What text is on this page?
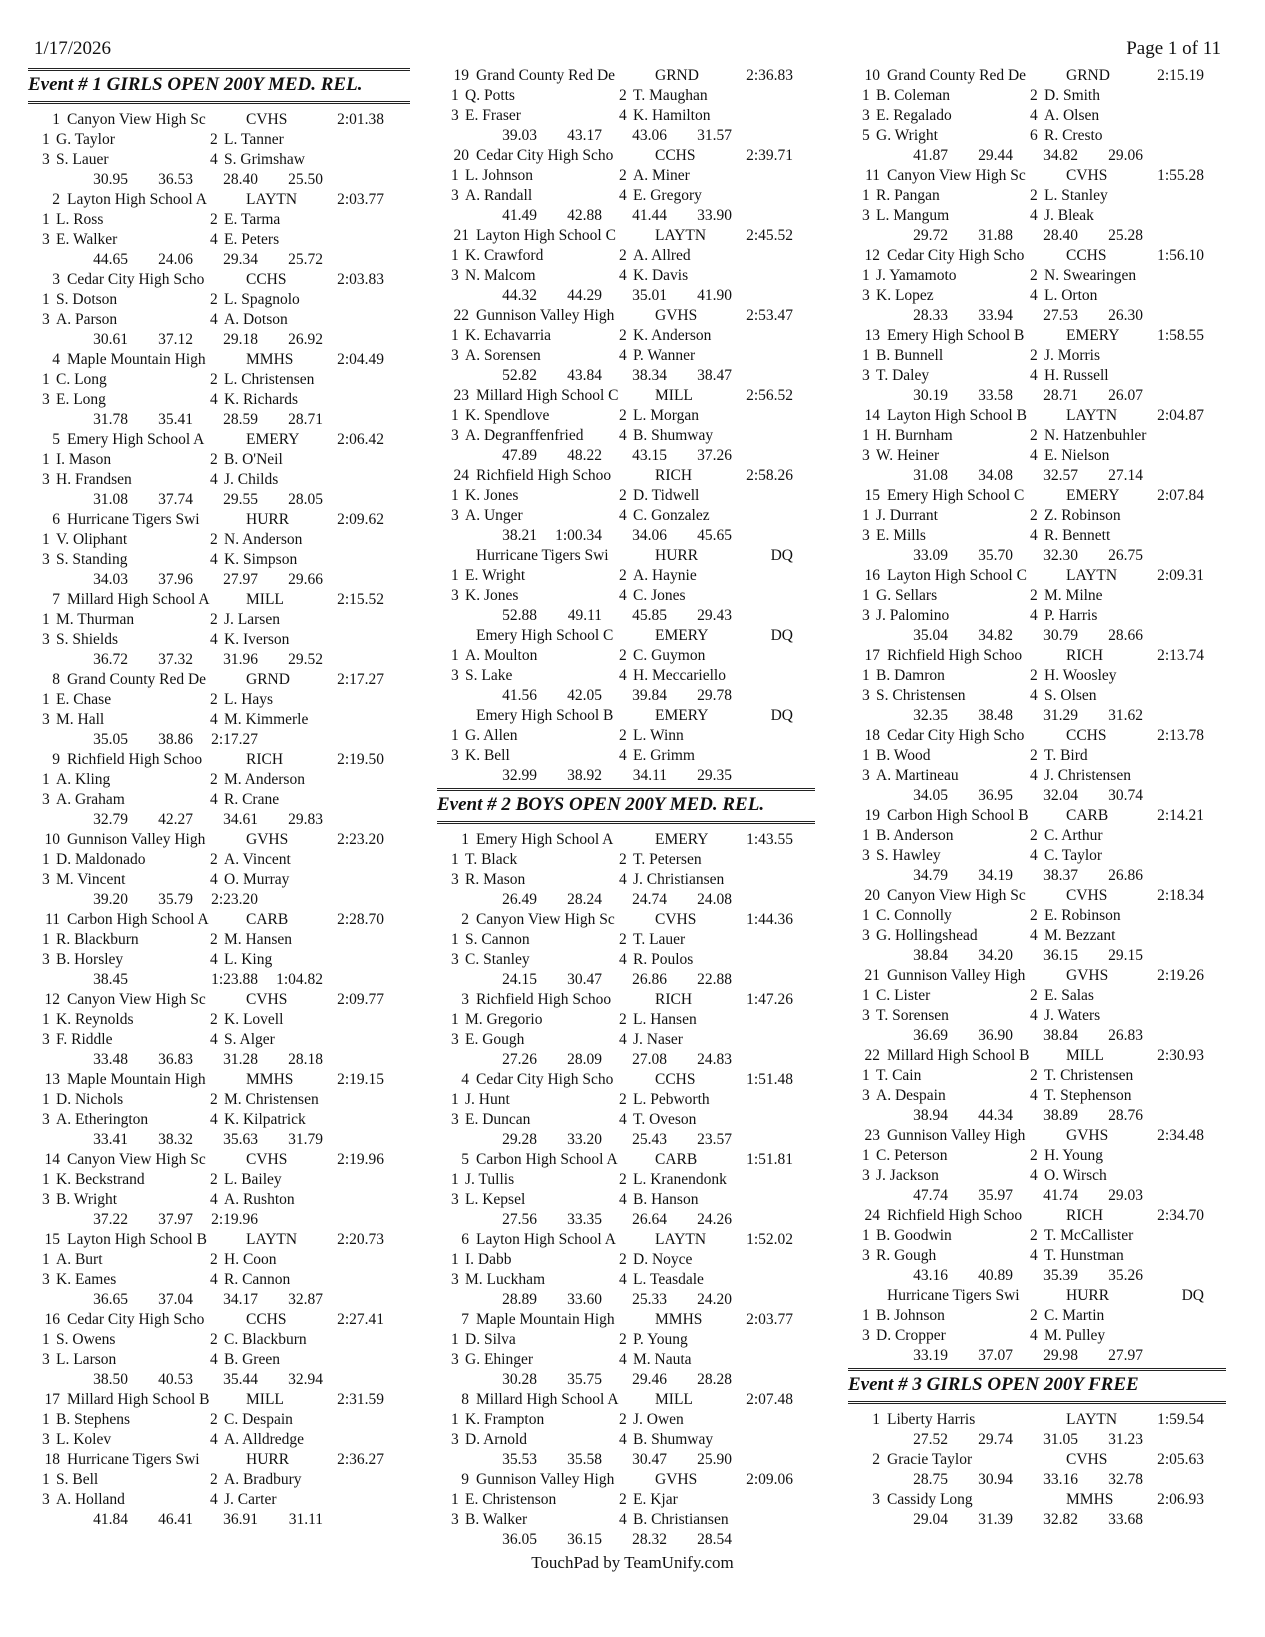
1/17/2026	Page 1 of 11
Event # 1 GIRLS OPEN 200Y MED. REL.
1 Canyon View High Sc	CVHS	2:01.38
1 G. Taylor	2 L. Tanner
3 S. Lauer	4 S. Grimshaw
30.95	36.53	28.40	25.50
2 Layton High School A	LAYTN	2:03.77
1 L. Ross	2 E. Tarma
3 E. Walker	4 E. Peters
44.65	24.06	29.34	25.72
3 Cedar City High Scho	CCHS	2:03.83
1 S. Dotson	2 L. Spagnolo
3 A. Parson	4 A. Dotson
30.61	37.12	29.18	26.92
4 Maple Mountain High	MMHS	2:04.49
1 C. Long	2 L. Christensen
3 E. Long	4 K. Richards
31.78	35.41	28.59	28.71
5 Emery High School A	EMERY	2:06.42
1 I. Mason	2 B. O'Neil
3 H. Frandsen	4 J. Childs
31.08	37.74	29.55	28.05
6 Hurricane Tigers Swi	HURR	2:09.62
1 V. Oliphant	2 N. Anderson
3 S. Standing	4 K. Simpson
34.03	37.96	27.97	29.66
7 Millard High School A	MILL	2:15.52
1 M. Thurman	2 J. Larsen
3 S. Shields	4 K. Iverson
36.72	37.32	31.96	29.52
8 Grand County Red De	GRND	2:17.27
1 E. Chase	2 L. Hays
3 M. Hall	4 M. Kimmerle
35.05	38.86	2:17.27
9 Richfield High Schoo	RICH	2:19.50
1 A. Kling	2 M. Anderson
3 A. Graham	4 R. Crane
32.79	42.27	34.61	29.83
10 Gunnison Valley High	GVHS	2:23.20
1 D. Maldonado	2 A. Vincent
3 M. Vincent	4 O. Murray
39.20	35.79	2:23.20
11 Carbon High School A	CARB	2:28.70
1 R. Blackburn	2 M. Hansen
3 B. Horsley	4 L. King
38.45	1:23.88	1:04.82
12 Canyon View High Sc	CVHS	2:09.77
1 K. Reynolds	2 K. Lovell
3 F. Riddle	4 S. Alger
33.48	36.83	31.28	28.18
13 Maple Mountain High	MMHS	2:19.15
1 D. Nichols	2 M. Christensen
3 A. Etherington	4 K. Kilpatrick
33.41	38.32	35.63	31.79
14 Canyon View High Sc	CVHS	2:19.96
1 K. Beckstrand	2 L. Bailey
3 B. Wright	4 A. Rushton
37.22	37.97	2:19.96
15 Layton High School B	LAYTN	2:20.73
1 A. Burt	2 H. Coon
3 K. Eames	4 R. Cannon
36.65	37.04	34.17	32.87
16 Cedar City High Scho	CCHS	2:27.41
1 S. Owens	2 C. Blackburn
3 L. Larson	4 B. Green
38.50	40.53	35.44	32.94
17 Millard High School B	MILL	2:31.59
1 B. Stephens	2 C. Despain
3 L. Kolev	4 A. Alldredge
18 Hurricane Tigers Swi	HURR	2:36.27
1 S. Bell	2 A. Bradbury
3 A. Holland	4 J. Carter
41.84	46.41	36.91	31.11
19 Grand County Red De	GRND	2:36.83
1 Q. Potts	2 T. Maughan
3 E. Fraser	4 K. Hamilton
39.03	43.17	43.06	31.57
20 Cedar City High Scho	CCHS	2:39.71
1 L. Johnson	2 A. Miner
3 A. Randall	4 E. Gregory
41.49	42.88	41.44	33.90
21 Layton High School C	LAYTN	2:45.52
1 K. Crawford	2 A. Allred
3 N. Malcom	4 K. Davis
44.32	44.29	35.01	41.90
22 Gunnison Valley High	GVHS	2:53.47
1 K. Echavarria	2 K. Anderson
3 A. Sorensen	4 P. Wanner
52.82	43.84	38.34	38.47
23 Millard High School C	MILL	2:56.52
1 K. Spendlove	2 L. Morgan
3 A. Degranffenfried 4 B. Shumway
47.89	48.22	43.15	37.26
24 Richfield High Schoo	RICH	2:58.26
1 K. Jones	2 D. Tidwell
3 A. Unger	4 C. Gonzalez
38.21	1:00.34	34.06	45.65
Hurricane Tigers Swi	HURR	DQ
1 E. Wright	2 A. Haynie
3 K. Jones	4 C. Jones
52.88	49.11	45.85	29.43
Emery High School C	EMERY	DQ
1 A. Moulton	2 C. Guymon
3 S. Lake	4 H. Meccariello
41.56	42.05	39.84	29.78
Emery High School B	EMERY	DQ
1 G. Allen	2 L. Winn
3 K. Bell	4 E. Grimm
32.99	38.92	34.11	29.35
Event # 2 BOYS OPEN 200Y MED. REL.
1 Emery High School A	EMERY	1:43.55
1 T. Black	2 T. Petersen
3 R. Mason	4 J. Christiansen
26.49	28.24	24.74	24.08
2 Canyon View High Sc	CVHS	1:44.36
1 S. Cannon	2 T. Lauer
3 C. Stanley	4 R. Poulos
24.15	30.47	26.86	22.88
3 Richfield High Schoo	RICH	1:47.26
1 M. Gregorio	2 L. Hansen
3 E. Gough	4 J. Naser
27.26	28.09	27.08	24.83
4 Cedar City High Scho	CCHS	1:51.48
1 J. Hunt	2 L. Pebworth
3 E. Duncan	4 T. Oveson
29.28	33.20	25.43	23.57
5 Carbon High School A	CARB	1:51.81
1 J. Tullis	2 L. Kranendonk
3 L. Kepsel	4 B. Hanson
27.56	33.35	26.64	24.26
6 Layton High School A	LAYTN	1:52.02
1 I. Dabb	2 D. Noyce
3 M. Luckham	4 L. Teasdale
28.89	33.60	25.33	24.20
7 Maple Mountain High	MMHS	2:03.77
1 D. Silva	2 P. Young
3 G. Ehinger	4 M. Nauta
30.28	35.75	29.46	28.28
8 Millard High School A	MILL	2:07.48
1 K. Frampton	2 J. Owen
3 D. Arnold	4 B. Shumway
35.53	35.58	30.47	25.90
9 Gunnison Valley High	GVHS	2:09.06
1 E. Christenson	2 E. Kjar
3 B. Walker	4 B. Christiansen
36.05	36.15	28.32	28.54
10 Grand County Red De	GRND	2:15.19
1 B. Coleman	2 D. Smith
3 E. Regalado	4 A. Olsen
5 G. Wright	6 R. Cresto
41.87	29.44	34.82	29.06
11 Canyon View High Sc	CVHS	1:55.28
1 R. Pangan	2 L. Stanley
3 L. Mangum	4 J. Bleak
29.72	31.88	28.40	25.28
12 Cedar City High Scho	CCHS	1:56.10
1 J. Yamamoto	2 N. Swearingen
3 K. Lopez	4 L. Orton
28.33	33.94	27.53	26.30
13 Emery High School B	EMERY	1:58.55
1 B. Bunnell	2 J. Morris
3 T. Daley	4 H. Russell
30.19	33.58	28.71	26.07
14 Layton High School B	LAYTN	2:04.87
1 H. Burnham	2 N. Hatzenbuhler
3 W. Heiner	4 E. Nielson
31.08	34.08	32.57	27.14
15 Emery High School C	EMERY	2:07.84
1 J. Durrant	2 Z. Robinson
3 E. Mills	4 R. Bennett
33.09	35.70	32.30	26.75
16 Layton High School C	LAYTN	2:09.31
1 G. Sellars	2 M. Milne
3 J. Palomino	4 P. Harris
35.04	34.82	30.79	28.66
17 Richfield High Schoo	RICH	2:13.74
1 B. Damron	2 H. Woosley
3 S. Christensen	4 S. Olsen
32.35	38.48	31.29	31.62
18 Cedar City High Scho	CCHS	2:13.78
1 B. Wood	2 T. Bird
3 A. Martineau	4 J. Christensen
34.05	36.95	32.04	30.74
19 Carbon High School B	CARB	2:14.21
1 B. Anderson	2 C. Arthur
3 S. Hawley	4 C. Taylor
34.79	34.19	38.37	26.86
20 Canyon View High Sc	CVHS	2:18.34
1 C. Connolly	2 E. Robinson
3 G. Hollingshead	4 M. Bezzant
38.84	34.20	36.15	29.15
21 Gunnison Valley High	GVHS	2:19.26
1 C. Lister	2 E. Salas
3 T. Sorensen	4 J. Waters
36.69	36.90	38.84	26.83
22 Millard High School B	MILL	2:30.93
1 T. Cain	2 T. Christensen
3 A. Despain	4 T. Stephenson
38.94	44.34	38.89	28.76
23 Gunnison Valley High	GVHS	2:34.48
1 C. Peterson	2 H. Young
3 J. Jackson	4 O. Wirsch
47.74	35.97	41.74	29.03
24 Richfield High Schoo	RICH	2:34.70
1 B. Goodwin	2 T. McCallister
3 R. Gough	4 T. Hunstman
43.16	40.89	35.39	35.26
Hurricane Tigers Swi	HURR	DQ
1 B. Johnson	2 C. Martin
3 D. Cropper	4 M. Pulley
33.19	37.07	29.98	27.97
Event # 3 GIRLS OPEN 200Y FREE
1 Liberty Harris	LAYTN	1:59.54
27.52	29.74	31.05	31.23
2 Gracie Taylor	CVHS	2:05.63
28.75	30.94	33.16	32.78
3 Cassidy Long	MMHS	2:06.93
29.04	31.39	32.82	33.68
TouchPad by TeamUnify.com
